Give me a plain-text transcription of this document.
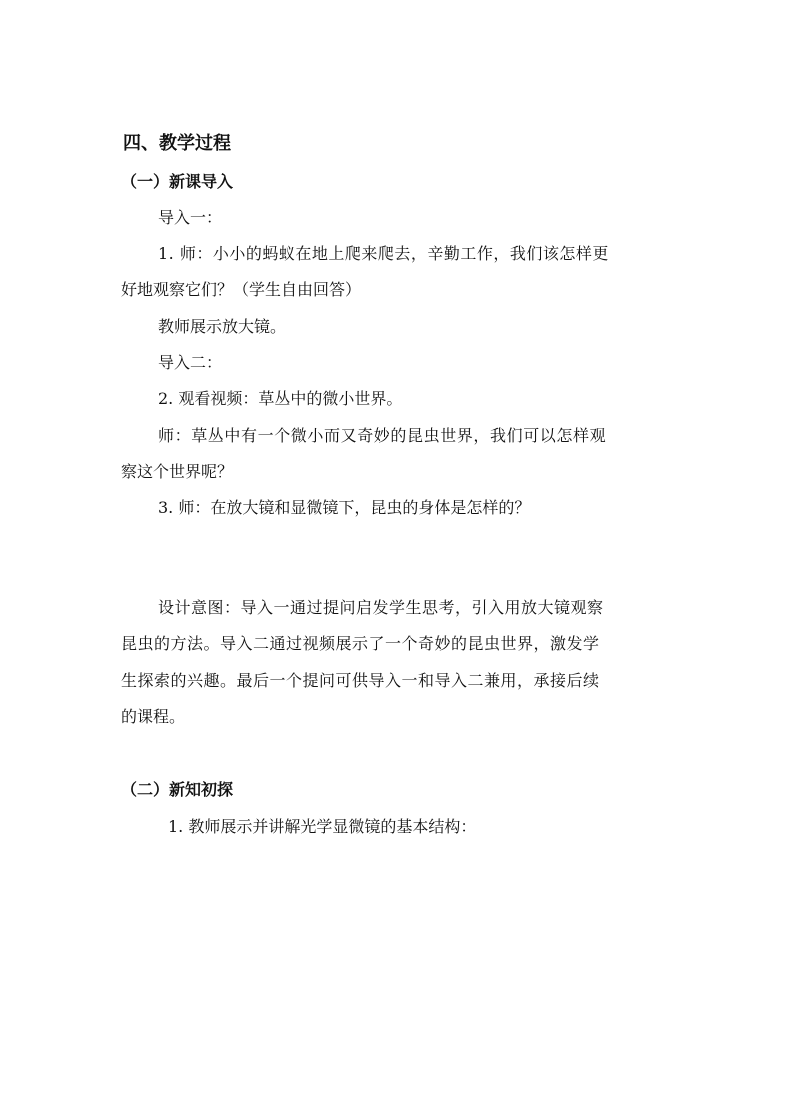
四、教学过程
（一）新课导入
导入一：
1. 师：小小的蚂蚁在地上爬来爬去，辛勤工作，我们该怎样更
好地观察它们？（学生自由回答）
教师展示放大镜。
导入二：
2. 观看视频：草丛中的微小世界。
师：草丛中有一个微小而又奇妙的昆虫世界，我们可以怎样观
察这个世界呢？
3. 师：在放大镜和显微镜下，昆虫的身体是怎样的？
设计意图：导入一通过提问启发学生思考，引入用放大镜观察
昆虫的方法。导入二通过视频展示了一个奇妙的昆虫世界，激发学
生探索的兴趣。最后一个提问可供导入一和导入二兼用，承接后续
的课程。
（二）新知初探
1. 教师展示并讲解光学显微镜的基本结构：
